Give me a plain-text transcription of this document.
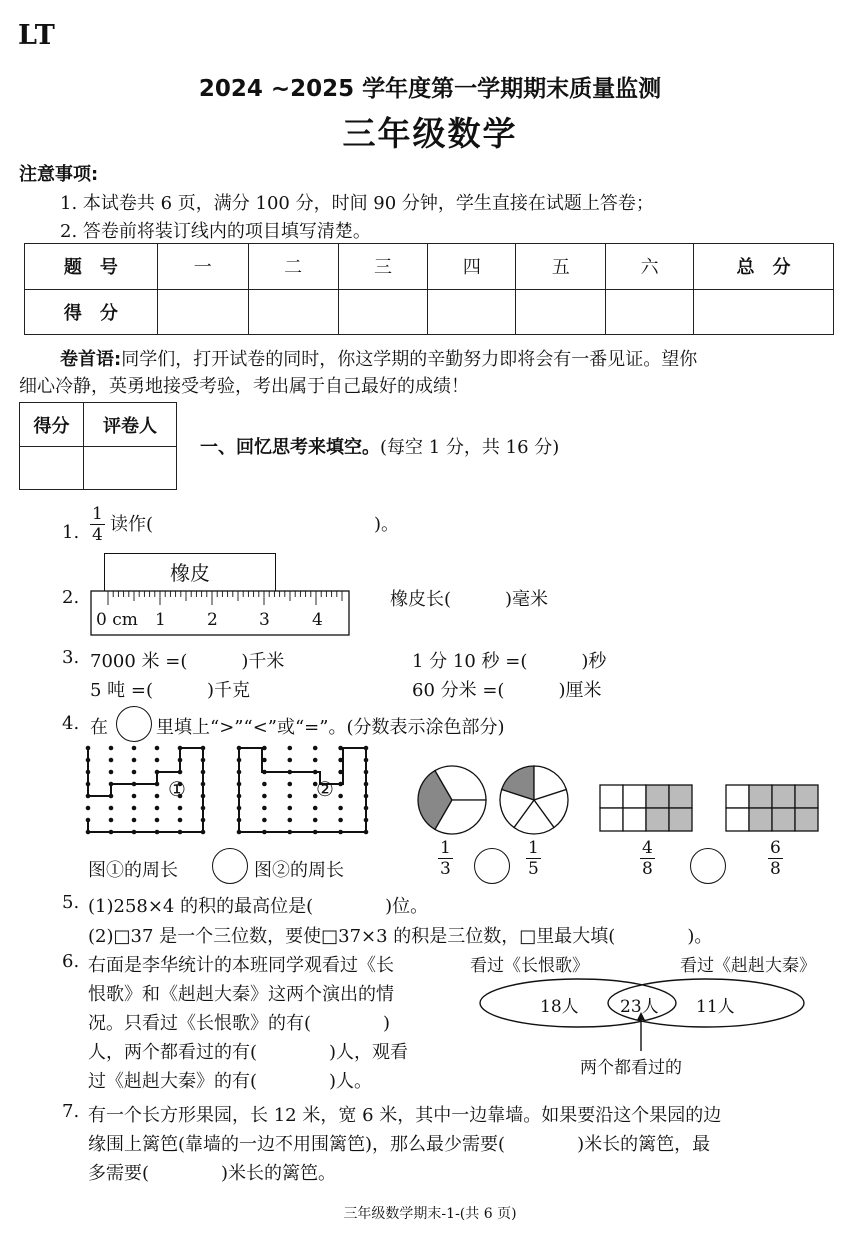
LT
2024 ~2025 学年度第一学期期末质量监测
三年级数学
注意事项:
1. 本试卷共 6 页，满分 100 分，时间 90 分钟，学生直接在试题上答卷；
2. 答卷前将装订线内的项目填写清楚。
题　号	一	二	三	四	五	六	总　分
得　分							
卷首语:同学们，打开试卷的同时，你这学期的辛勤努力即将会有一番见证。望你
细心冷静，英勇地接受考验，考出属于自己最好的成绩！
得分	评卷人

一、回忆思考来填空。(每空 1 分，共 16 分)
1. $\frac{1}{4}$ 读作(	)。
2.
橡皮
0 cm 1 2 3 4
橡皮长(　　　)毫米
3. 7000 米 =(　　　)千米	1 分 10 秒 =(　　　)秒
5 吨 =(　　　)千克	60 分米 =(　　　)厘米
4. 在	里填上“>”“<”或“=”。(分数表示涂色部分)
①	②
图①的周长	图②的周长	$\frac{1}{3}$	$\frac{1}{5}$	$\frac{4}{8}$	$\frac{6}{8}$
5. (1)258×4 的积的最高位是(　　　　)位。
(2)□37 是一个三位数，要使□37×3 的积是三位数，□里最大填(　　　　)。
6. 右面是李华统计的本班同学观看过《长
恨歌》和《赳赳大秦》这两个演出的情
况。只看过《长恨歌》的有(　　　　)
人，两个都看过的有(　　　　)人，观看
过《赳赳大秦》的有(　　　　)人。
看过《长恨歌》	看过《赳赳大秦》
18人 23人 11人
两个都看过的
7. 有一个长方形果园，长 12 米，宽 6 米，其中一边靠墙。如果要沿这个果园的边
缘围上篱笆(靠墙的一边不用围篱笆)，那么最少需要(　　　　)米长的篱笆，最
多需要(　　　　)米长的篱笆。
三年级数学期末-1-(共 6 页)
